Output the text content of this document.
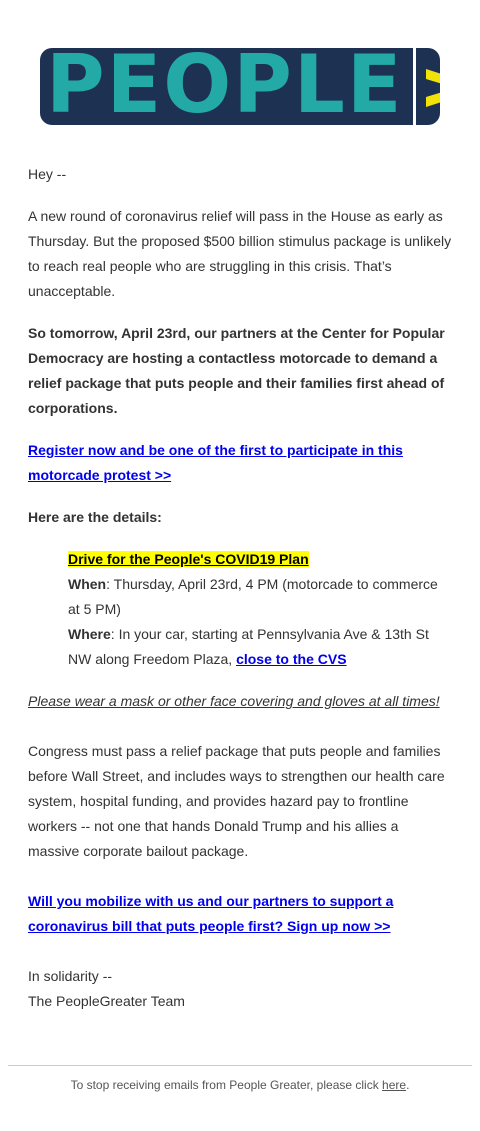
PEOPLE

Hey --

A new round of coronavirus relief will pass in the House as early as Thursday. But the proposed $500 billion stimulus package is unlikely to reach real people who are struggling in this crisis. That’s unacceptable.

So tomorrow, April 23rd, our partners at the Center for Popular Democracy are hosting a contactless motorcade to demand a relief package that puts people and their families first ahead of corporations.

Register now and be one of the first to participate in this motorcade protest >>

Here are the details:

Drive for the People's COVID19 Plan
When: Thursday, April 23rd, 4 PM (motorcade to commerce at 5 PM)
Where: In your car, starting at Pennsylvania Ave & 13th St NW along Freedom Plaza, close to the CVS

Please wear a mask or other face covering and gloves at all times!

Congress must pass a relief package that puts people and families before Wall Street, and includes ways to strengthen our health care system, hospital funding, and provides hazard pay to frontline workers -- not one that hands Donald Trump and his allies a massive corporate bailout package.

Will you mobilize with us and our partners to support a coronavirus bill that puts people first? Sign up now >>

In solidarity --
The PeopleGreater Team
To stop receiving emails from People Greater, please click here.
